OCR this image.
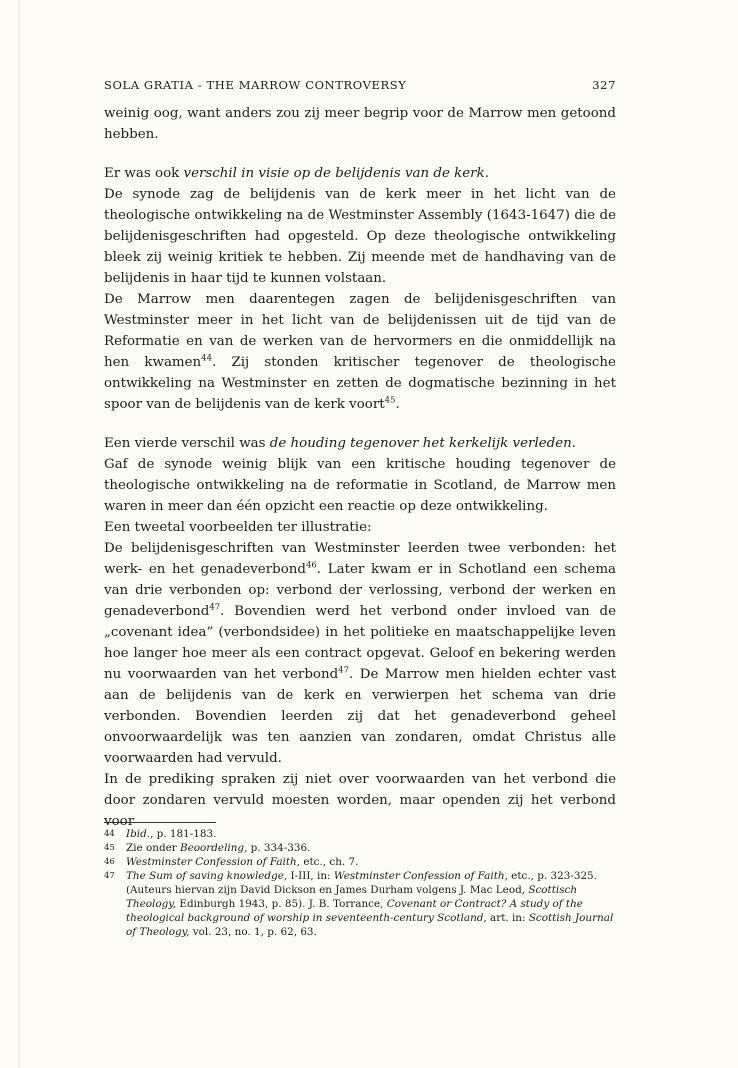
SOLA GRATIA - THE MARROW CONTROVERSY	327

weinig oog, want anders zou zij meer begrip voor de Marrow men getoond hebben.

Er was ook verschil in visie op de belijdenis van de kerk.

De synode zag de belijdenis van de kerk meer in het licht van de theologische ontwikkeling na de Westminster Assembly (1643-1647) die de belijdenisgeschriften had opgesteld. Op deze theologische ontwikkeling bleek zij weinig kritiek te hebben. Zij meende met de handhaving van de belijdenis in haar tijd te kunnen volstaan.

De Marrow men daarentegen zagen de belijdenisgeschriften van Westminster meer in het licht van de belijdenissen uit de tijd van de Reformatie en van de werken van de hervormers en die onmiddellijk na hen kwamen$^{44}$. Zij stonden kritischer tegenover de theologische ontwikkeling na Westminster en zetten de dogmatische bezinning in het spoor van de belijdenis van de kerk voort$^{45}$.

Een vierde verschil was de houding tegenover het kerkelijk verleden.

Gaf de synode weinig blijk van een kritische houding tegenover de theologische ontwikkeling na de reformatie in Scotland, de Marrow men waren in meer dan één opzicht een reactie op deze ontwikkeling.

Een tweetal voorbeelden ter illustratie:

De belijdenisgeschriften van Westminster leerden twee verbonden: het werk- en het genadeverbond$^{46}$. Later kwam er in Schotland een schema van drie verbonden op: verbond der verlossing, verbond der werken en genadeverbond$^{47}$. Bovendien werd het verbond onder invloed van de „covenant idea” (verbondsidee) in het politieke en maatschappelijke leven hoe langer hoe meer als een contract opgevat. Geloof en bekering werden nu voorwaarden van het verbond$^{47}$. De Marrow men hielden echter vast aan de belijdenis van de kerk en verwierpen het schema van drie verbonden. Bovendien leerden zij dat het genadeverbond geheel onvoorwaardelijk was ten aanzien van zondaren, omdat Christus alle voorwaarden had vervuld.

In de prediking spraken zij niet over voorwaarden van het verbond die door zondaren vervuld moesten worden, maar openden zij het verbond voor

44	Ibid., p. 181-183.
45	Zie onder Beoordeling, p. 334-336.
46	Westminster Confession of Faith, etc., ch. 7.
47	The Sum of saving knowledge, I-III, in: Westminster Confession of Faith, etc., p. 323-325. (Auteurs hiervan zijn David Dickson en James Durham volgens J. Mac Leod, Scottisch Theology, Edinburgh 1943, p. 85). J. B. Torrance, Covenant or Contract? A study of the theological background of worship in seventeenth-century Scotland, art. in: Scottish Journal of Theology, vol. 23, no. 1, p. 62, 63.
